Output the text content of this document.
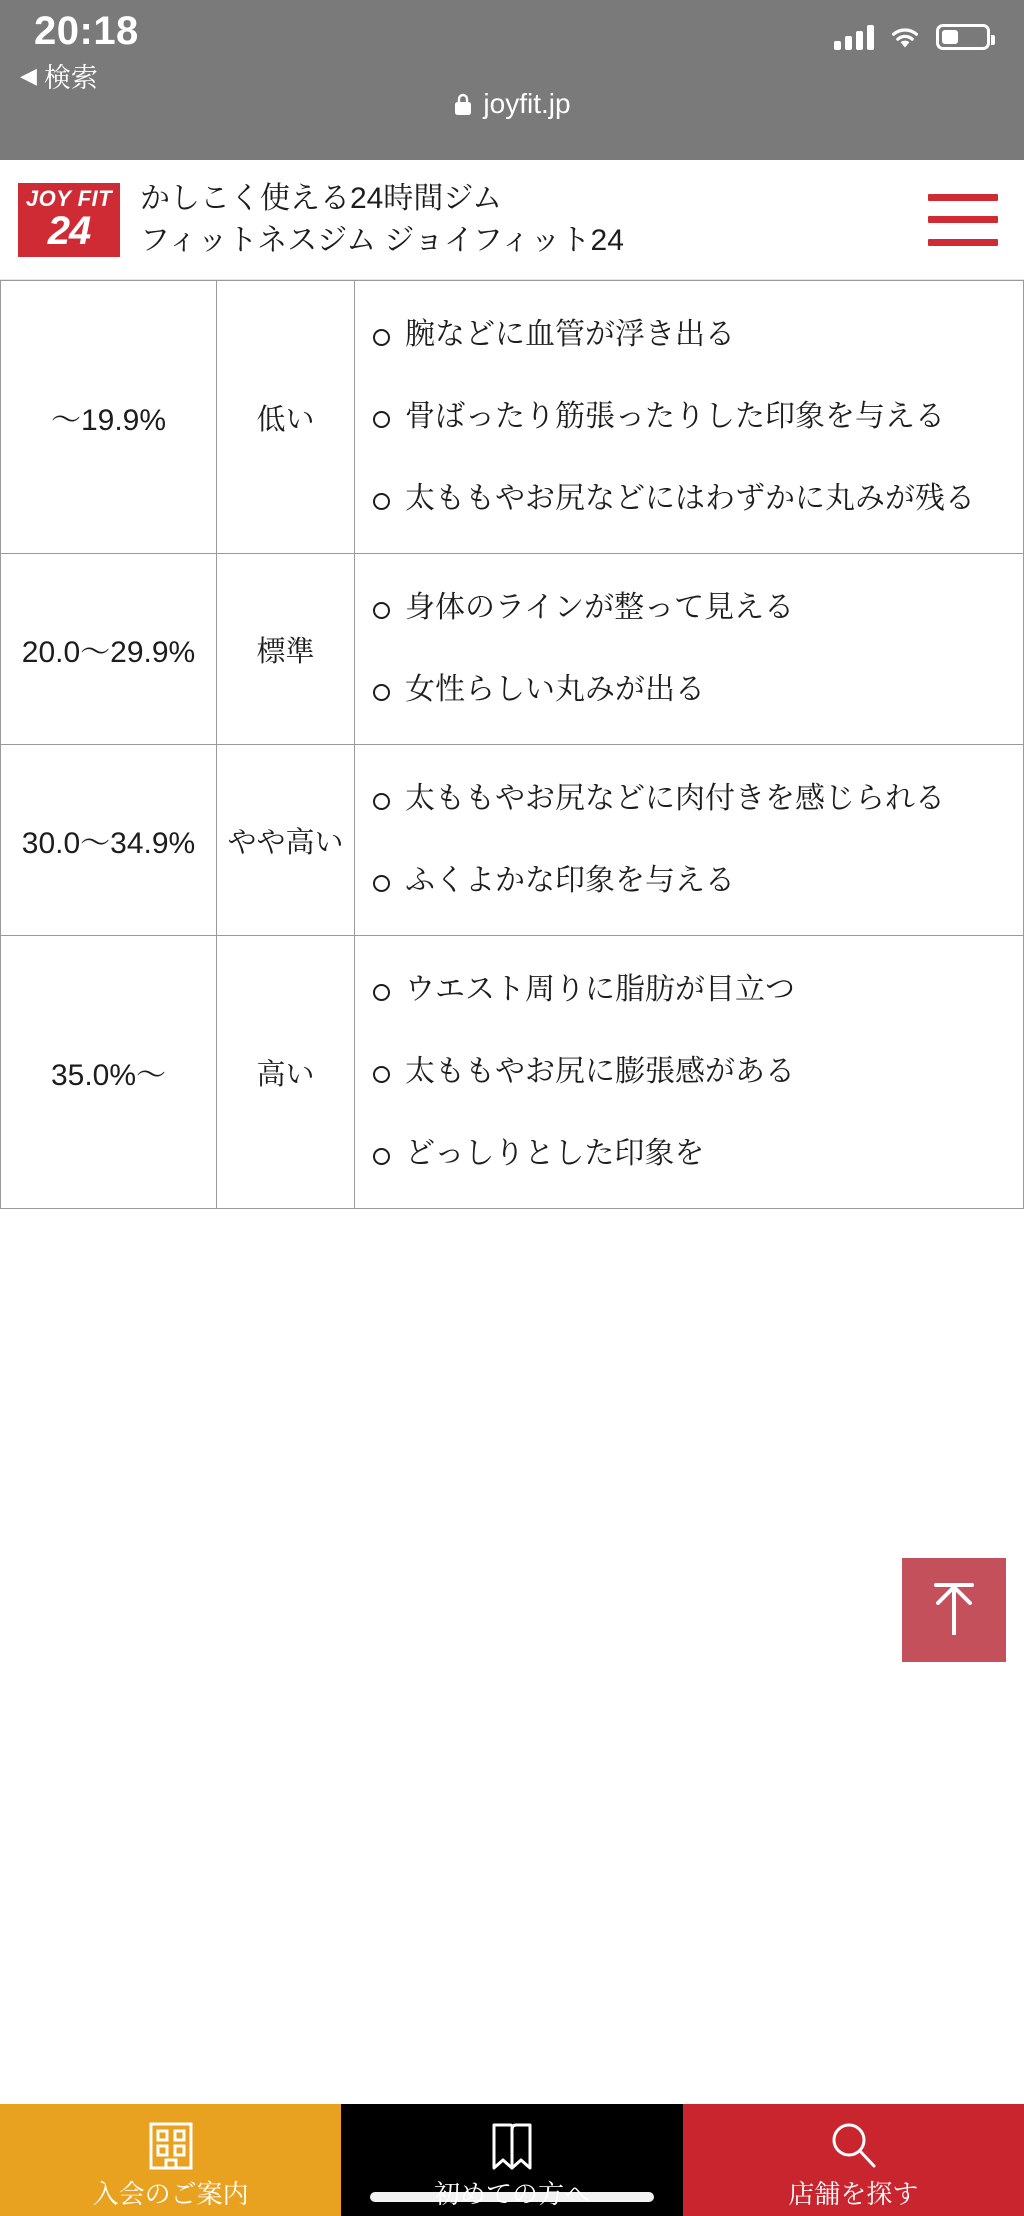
20:18
◀ 検索
joyfit.jp
JOY FIT
24
かしこく使える24時間ジム
フィットネスジム ジョイフィット24
〜19.9%	低い	
腕などに血管が浮き出る
骨ばったり筋張ったりした印象を与える
太ももやお尻などにはわずかに丸みが残る

20.0〜29.9%	標準	
身体のラインが整って見える
女性らしい丸みが出る

30.0〜34.9%	やや高い	
太ももやお尻などに肉付きを感じられる
ふくよかな印象を与える

35.0%〜	高い	
ウエスト周りに脂肪が目立つ
太ももやお尻に膨張感がある
どっしりとした印象を
入会のご案内	店舗を探す
